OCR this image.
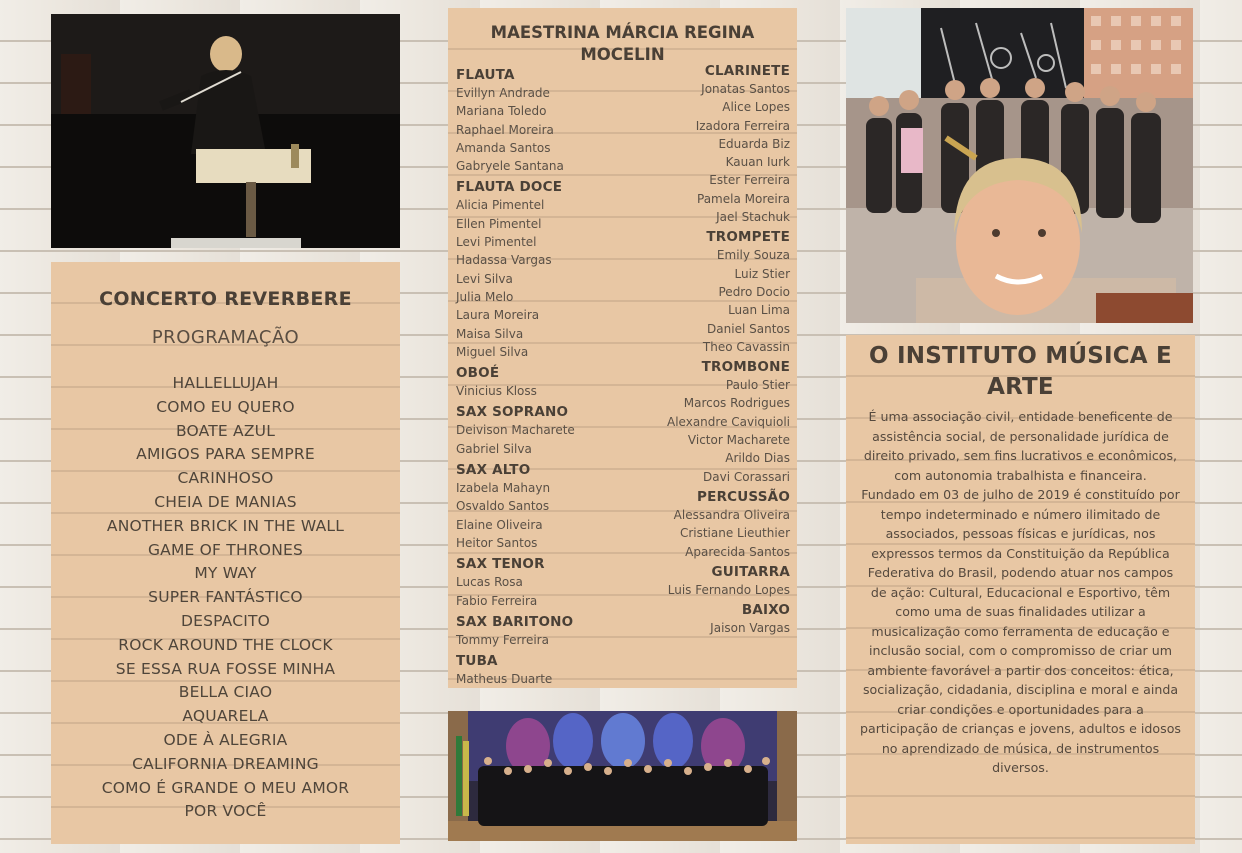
CONCERTO REVERBERE
PROGRAMAÇÃO
HALLELLUJAH
COMO EU QUERO
BOATE AZUL
AMIGOS PARA SEMPRE
CARINHOSO
CHEIA DE MANIAS
ANOTHER BRICK IN THE WALL
GAME OF THRONES
MY WAY
SUPER FANTÁSTICO
DESPACITO
ROCK AROUND THE CLOCK
SE ESSA RUA FOSSE MINHA
BELLA CIAO
AQUARELA
ODE À ALEGRIA
CALIFORNIA DREAMING
COMO É GRANDE O MEU AMOR
POR VOCÊ
MAESTRINA MÁRCIA REGINA
MOCELIN
FLAUTA
Evillyn Andrade
Mariana Toledo
Raphael Moreira
Amanda Santos
Gabryele Santana
FLAUTA DOCE
Alicia Pimentel
Ellen Pimentel
Levi Pimentel
Hadassa Vargas
Levi Silva
Julia Melo
Laura Moreira
Maisa Silva
Miguel Silva
OBOÉ
Vinicius Kloss
SAX SOPRANO
Deivison Macharete
Gabriel Silva
SAX ALTO
Izabela Mahayn
Osvaldo Santos
Elaine Oliveira
Heitor Santos
SAX TENOR
Lucas Rosa
Fabio Ferreira
SAX BARITONO
Tommy Ferreira
TUBA
Matheus Duarte
CLARINETE
Jonatas Santos
Alice Lopes
Izadora Ferreira
Eduarda Biz
Kauan Iurk
Ester Ferreira
Pamela Moreira
Jael Stachuk
TROMPETE
Emily Souza
Luiz Stier
Pedro Docio
Luan Lima
Daniel Santos
Theo Cavassin
TROMBONE
Paulo Stier
Marcos Rodrigues
Alexandre Caviquioli
Victor Macharete
Arildo Dias
Davi Corassari
PERCUSSÃO
Alessandra Oliveira
Cristiane Lieuthier
Aparecida Santos
GUITARRA
Luis Fernando Lopes
BAIXO
Jaison Vargas
O INSTITUTO MÚSICA E ARTE

É uma associação civil, entidade beneficente de assistência social, de personalidade jurídica de direito privado, sem fins lucrativos e econômicos, com autonomia trabalhista e financeira.

Fundado em 03 de julho de 2019 é constituído por tempo indeterminado e número ilimitado de associados, pessoas físicas e jurídicas, nos expressos termos da Constituição da República Federativa do Brasil, podendo atuar nos campos de ação: Cultural, Educacional e Esportivo, têm como uma de suas finalidades utilizar a musicalização como ferramenta de educação e inclusão social, com o compromisso de criar um ambiente favorável a partir dos conceitos: ética, socialização, cidadania, disciplina e moral e ainda criar condições e oportunidades para a participação de crianças e jovens, adultos e idosos no aprendizado de música, de instrumentos diversos.
